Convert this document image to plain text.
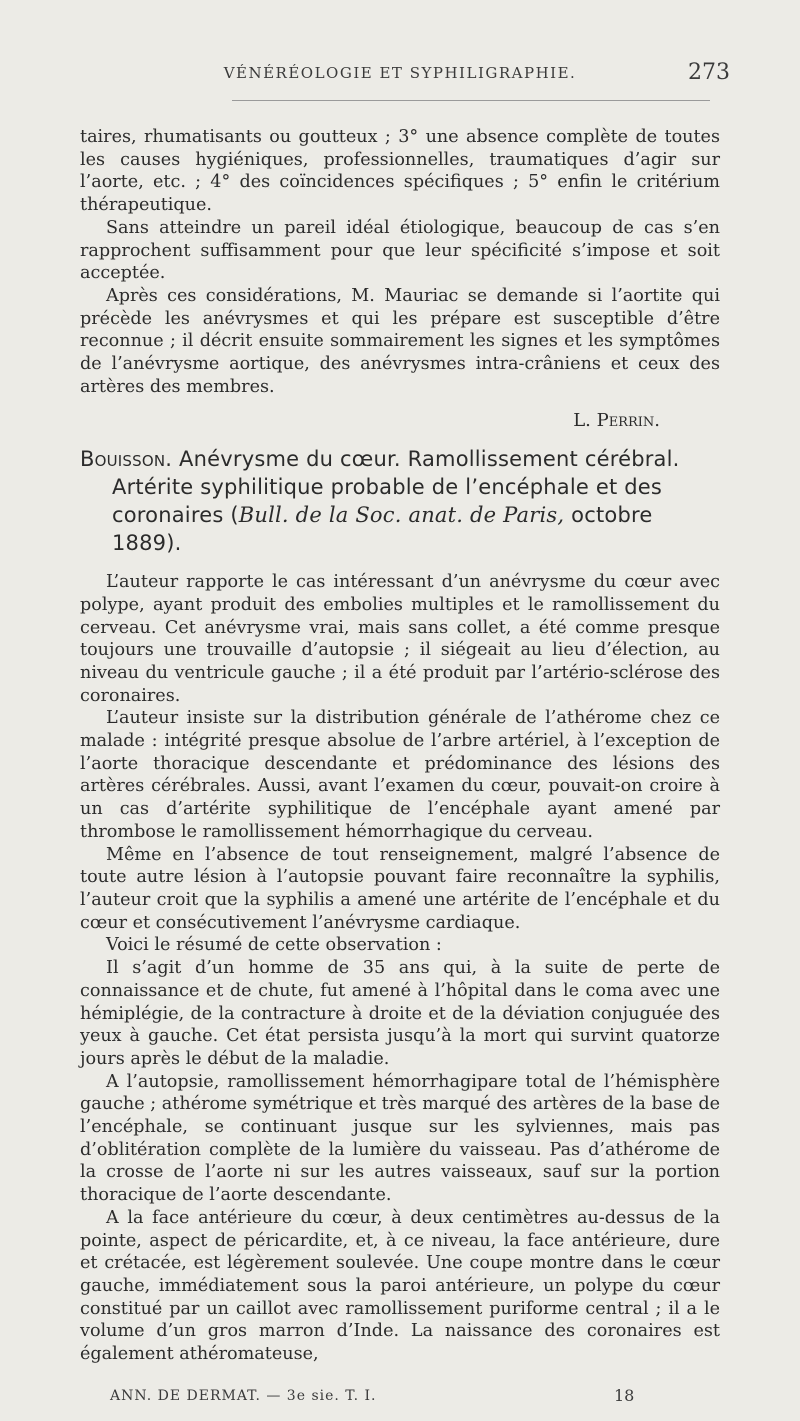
VÉNÉRÉOLOGIE ET SYPHILIGRAPHIE.	273

taires, rhumatisants ou goutteux ; 3° une absence complète de toutes les causes hygiéniques, professionnelles, traumatiques d’agir sur l’aorte, etc. ; 4° des coïncidences spécifiques ; 5° enfin le critérium thérapeutique.

Sans atteindre un pareil idéal étiologique, beaucoup de cas s’en rapprochent suffisamment pour que leur spécificité s’impose et soit acceptée.

Après ces considérations, M. Mauriac se demande si l’aortite qui précède les anévrysmes et qui les prépare est susceptible d’être reconnue ; il décrit ensuite sommairement les signes et les symptômes de l’anévrysme aortique, des anévrysmes intra-crâniens et ceux des artères des membres.

L. Perrin.
Bouisson. Anévrysme du cœur. Ramollissement cérébral. Artérite syphilitique probable de l’encéphale et des coronaires (Bull. de la Soc. anat. de Paris, octobre 1889).

L’auteur rapporte le cas intéressant d’un anévrysme du cœur avec polype, ayant produit des embolies multiples et le ramollissement du cerveau. Cet anévrysme vrai, mais sans collet, a été comme presque toujours une trouvaille d’autopsie ; il siégeait au lieu d’élection, au niveau du ventricule gauche ; il a été produit par l’artério-sclérose des coronaires.

L’auteur insiste sur la distribution générale de l’athérome chez ce malade : intégrité presque absolue de l’arbre artériel, à l’exception de l’aorte thoracique descendante et prédominance des lésions des artères cérébrales. Aussi, avant l’examen du cœur, pouvait-on croire à un cas d’artérite syphilitique de l’encéphale ayant amené par thrombose le ramollissement hémorrhagique du cerveau.

Même en l’absence de tout renseignement, malgré l’absence de toute autre lésion à l’autopsie pouvant faire reconnaître la syphilis, l’auteur croit que la syphilis a amené une artérite de l’encéphale et du cœur et consécutivement l’anévrysme cardiaque.

Voici le résumé de cette observation :

Il s’agit d’un homme de 35 ans qui, à la suite de perte de connaissance et de chute, fut amené à l’hôpital dans le coma avec une hémiplégie, de la contracture à droite et de la déviation conjuguée des yeux à gauche. Cet état persista jusqu’à la mort qui survint quatorze jours après le début de la maladie.

A l’autopsie, ramollissement hémorrhagipare total de l’hémisphère gauche ; athérome symétrique et très marqué des artères de la base de l’encéphale, se continuant jusque sur les sylviennes, mais pas d’oblitération complète de la lumière du vaisseau. Pas d’athérome de la crosse de l’aorte ni sur les autres vaisseaux, sauf sur la portion thoracique de l’aorte descendante.

A la face antérieure du cœur, à deux centimètres au-dessus de la pointe, aspect de péricardite, et, à ce niveau, la face antérieure, dure et crétacée, est légèrement soulevée. Une coupe montre dans le cœur gauche, immédiatement sous la paroi antérieure, un polype du cœur constitué par un caillot avec ramollissement puriforme central ; il a le volume d’un gros marron d’Inde. La naissance des coronaires est également athéromateuse,

ANN. DE DERMAT. — 3e sie. T. I.	18
